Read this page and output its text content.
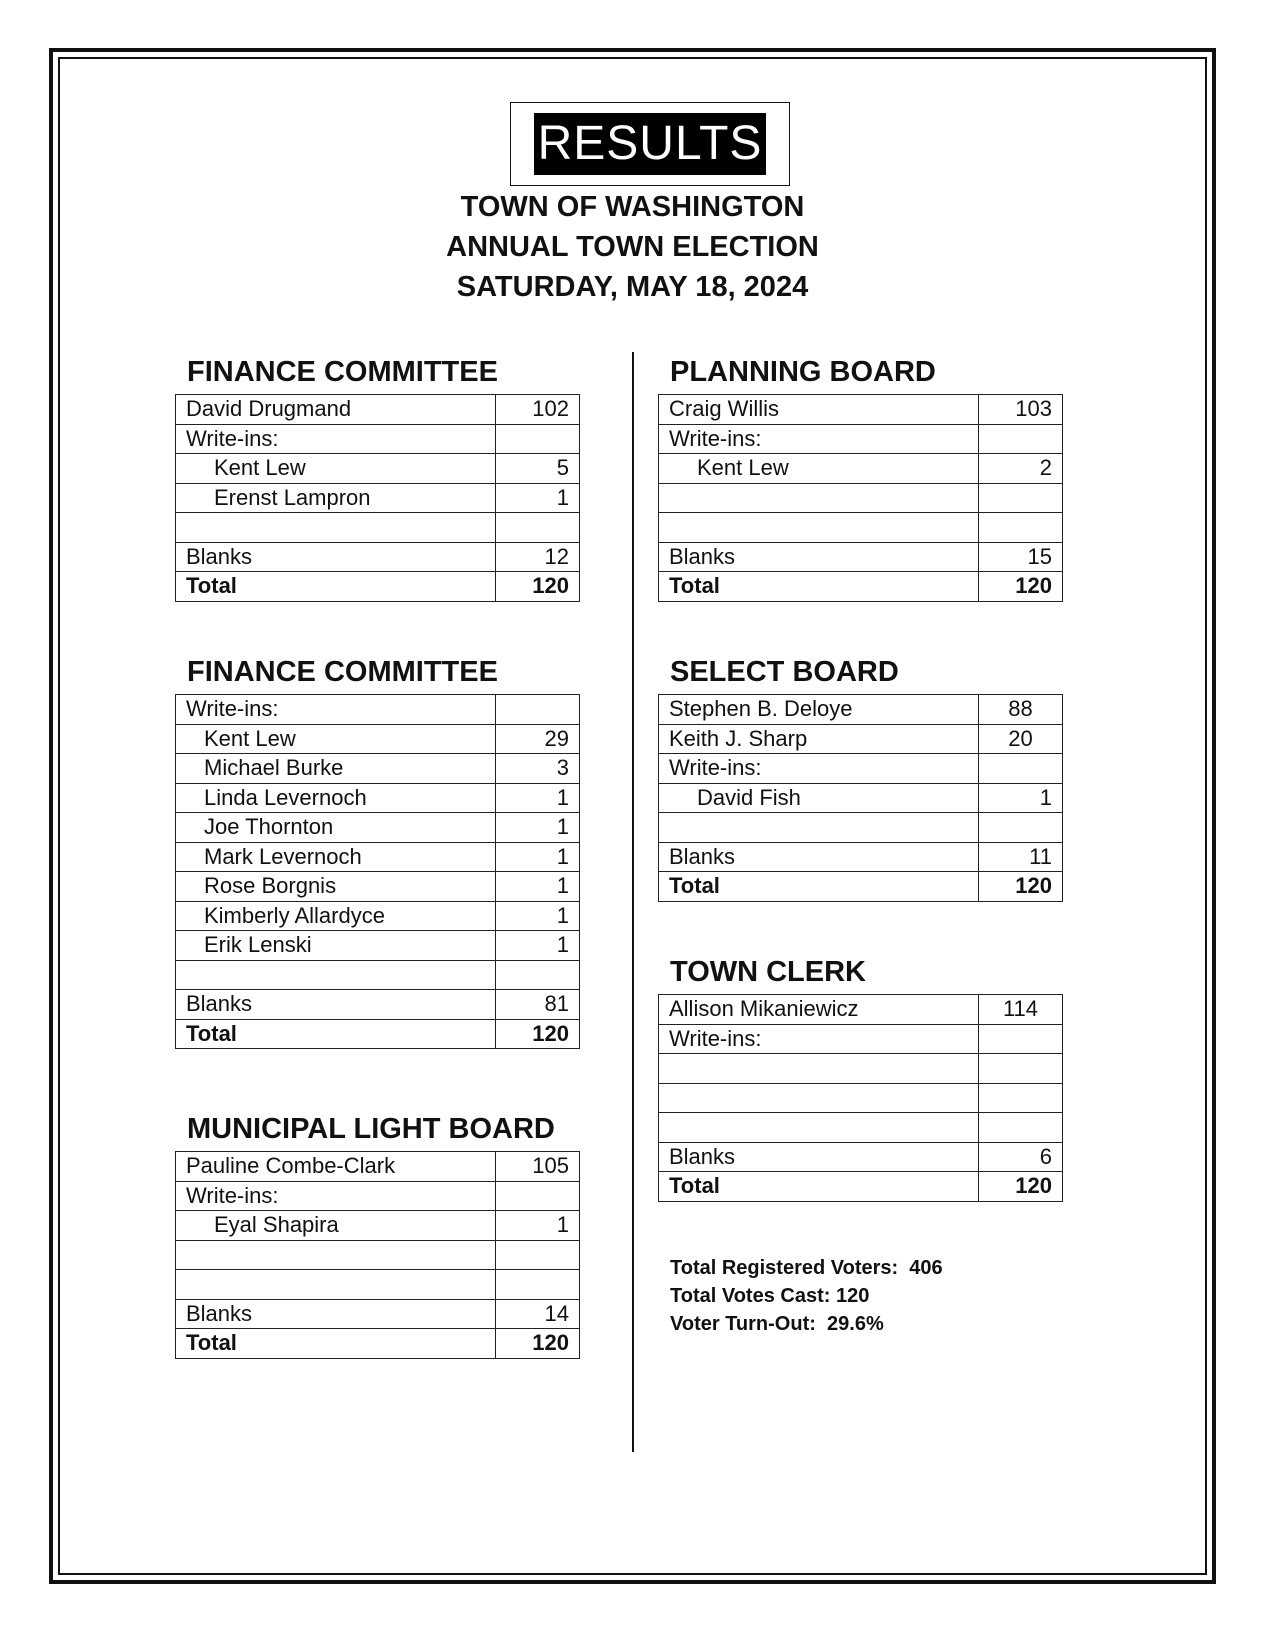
RESULTS
TOWN OF WASHINGTON
ANNUAL TOWN ELECTION
SATURDAY, MAY 18, 2024
FINANCE COMMITTEE
David Drugmand	102
Write-ins:	
Kent Lew	5
Erenst Lampron	1

Blanks	12
Total	120
FINANCE COMMITTEE
Write-ins:	
Kent Lew	29
Michael Burke	3
Linda Levernoch	1
Joe Thornton	1
Mark Levernoch	1
Rose Borgnis	1
Kimberly Allardyce	1
Erik Lenski	1

Blanks	81
Total	120
MUNICIPAL LIGHT BOARD
Pauline Combe-Clark	105
Write-ins:	
Eyal Shapira	1

Blanks	14
Total	120
PLANNING BOARD
Craig Willis	103
Write-ins:	
Kent Lew	2

Blanks	15
Total	120
SELECT BOARD
Stephen B. Deloye	88
Keith J. Sharp	20
Write-ins:	
David Fish	1

Blanks	11
Total	120
TOWN CLERK
Allison Mikaniewicz	114
Write-ins:	

Blanks	6
Total	120
Total Registered Voters:  406
Total Votes Cast: 120
Voter Turn-Out:  29.6%
